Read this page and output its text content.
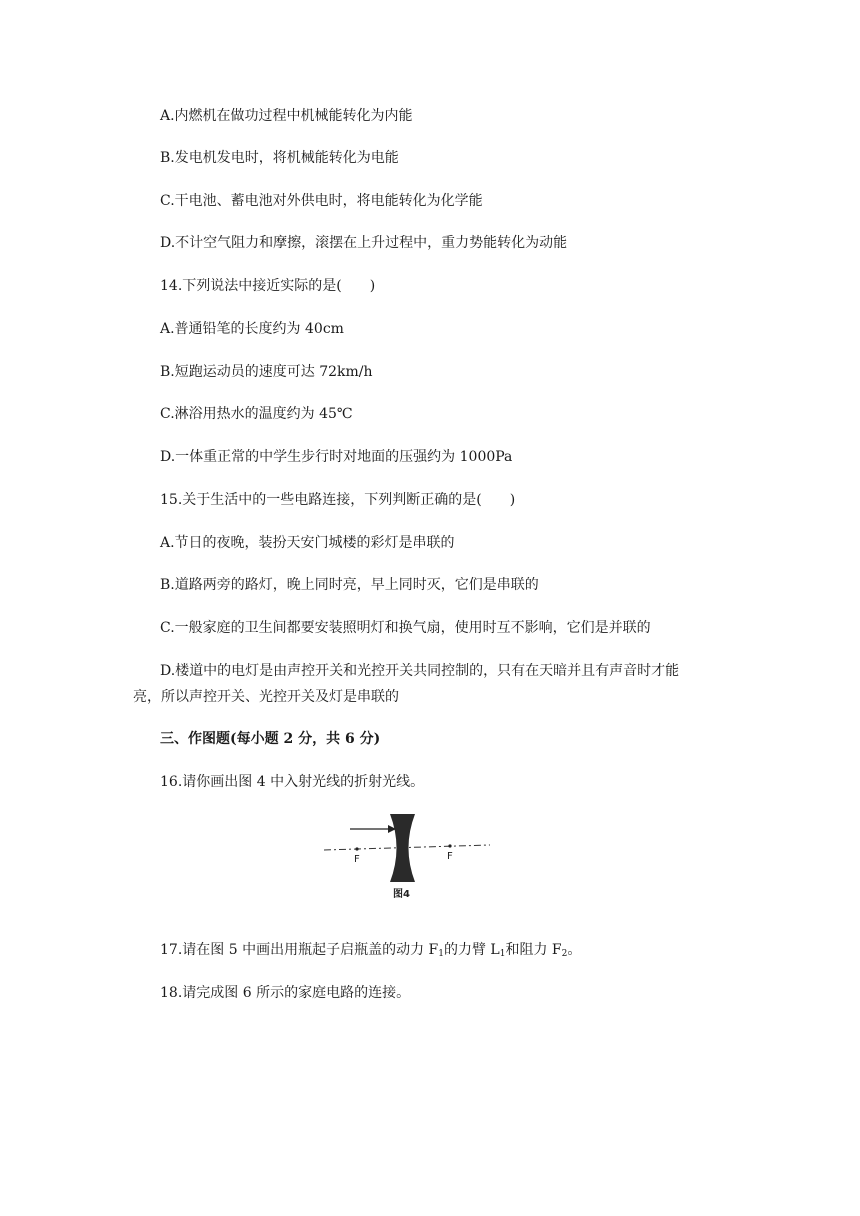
A.内燃机在做功过程中机械能转化为内能
B.发电机发电时，将机械能转化为电能
C.干电池、蓄电池对外供电时，将电能转化为化学能
D.不计空气阻力和摩擦，滚摆在上升过程中，重力势能转化为动能
14.下列说法中接近实际的是(　　)
A.普通铅笔的长度约为 40cm
B.短跑运动员的速度可达 72km/h
C.淋浴用热水的温度约为 45℃
D.一体重正常的中学生步行时对地面的压强约为 1000Pa
15.关于生活中的一些电路连接，下列判断正确的是(　　)
A.节日的夜晚，装扮天安门城楼的彩灯是串联的
B.道路两旁的路灯，晚上同时亮，早上同时灭，它们是串联的
C.一般家庭的卫生间都要安装照明灯和换气扇，使用时互不影响，它们是并联的
D.楼道中的电灯是由声控开关和光控开关共同控制的，只有在天暗并且有声音时才能
亮，所以声控开关、光控开关及灯是串联的
三、作图题(每小题 2 分，共 6 分)
16.请你画出图 4 中入射光线的折射光线。
F	F
图4
17.请在图 5 中画出用瓶起子启瓶盖的动力 $F_1$的力臂 $L_1$和阻力 $F_2$。
18.请完成图 6 所示的家庭电路的连接。
